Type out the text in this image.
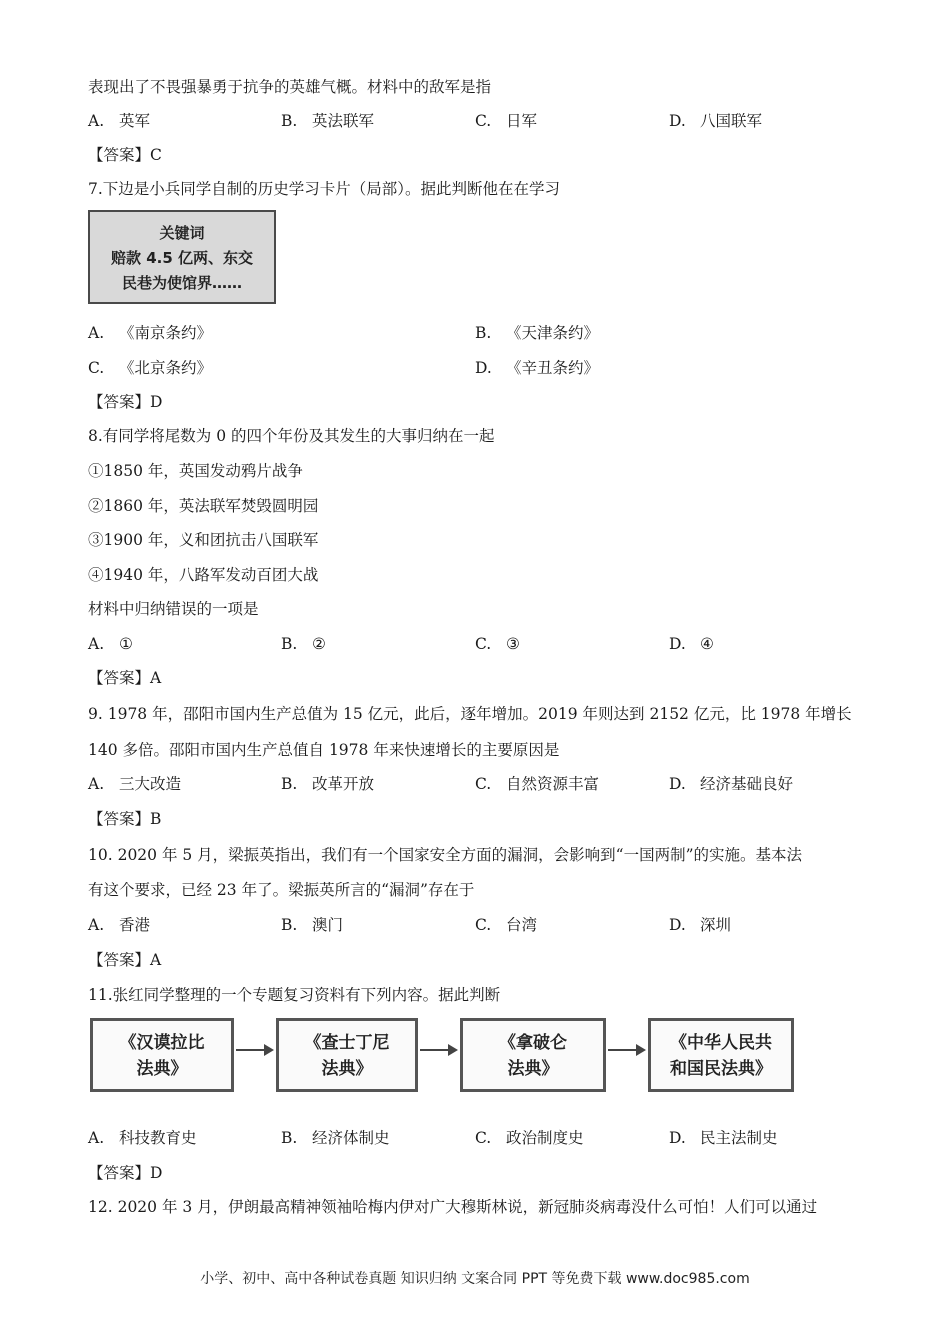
表现出了不畏强暴勇于抗争的英雄气概。材料中的敌军是指
A. 英军	B. 英法联军	C. 日军	D. 八国联军
【答案】C
7.下边是小兵同学自制的历史学习卡片（局部）。据此判断他在在学习
关键词
赔款 4.5 亿两、东交
民巷为使馆界……
A. 《南京条约》	B. 《天津条约》
C. 《北京条约》	D. 《辛丑条约》
【答案】D
8.有同学将尾数为 0 的四个年份及其发生的大事归纳在一起
①1850 年，英国发动鸦片战争
②1860 年，英法联军焚毁圆明园
③1900 年，义和团抗击八国联军
④1940 年，八路军发动百团大战
材料中归纳错误的一项是
A. ①	B. ②	C. ③	D. ④
【答案】A
9. 1978 年，邵阳市国内生产总值为 15 亿元，此后，逐年增加。2019 年则达到 2152 亿元，比 1978 年增长
140 多倍。邵阳市国内生产总值自 1978 年来快速增长的主要原因是
A. 三大改造	B. 改革开放	C. 自然资源丰富	D. 经济基础良好
【答案】B
10. 2020 年 5 月，梁振英指出，我们有一个国家安全方面的漏洞，会影响到“一国两制”的实施。基本法
有这个要求，已经 23 年了。梁振英所言的“漏洞”存在于
A. 香港	B. 澳门	C. 台湾	D. 深圳
【答案】A
11.张红同学整理的一个专题复习资料有下列内容。据此判断
《汉谟拉比
法典》
《查士丁尼
法典》
《拿破仑
法典》
《中华人民共
和国民法典》
A. 科技教育史	B. 经济体制史	C. 政治制度史	D. 民主法制史
【答案】D
12. 2020 年 3 月，伊朗最高精神领袖哈梅内伊对广大穆斯林说，新冠肺炎病毒没什么可怕！人们可以通过
小学、初中、高中各种试卷真题 知识归纳 文案合同 PPT 等免费下载 www.doc985.com
